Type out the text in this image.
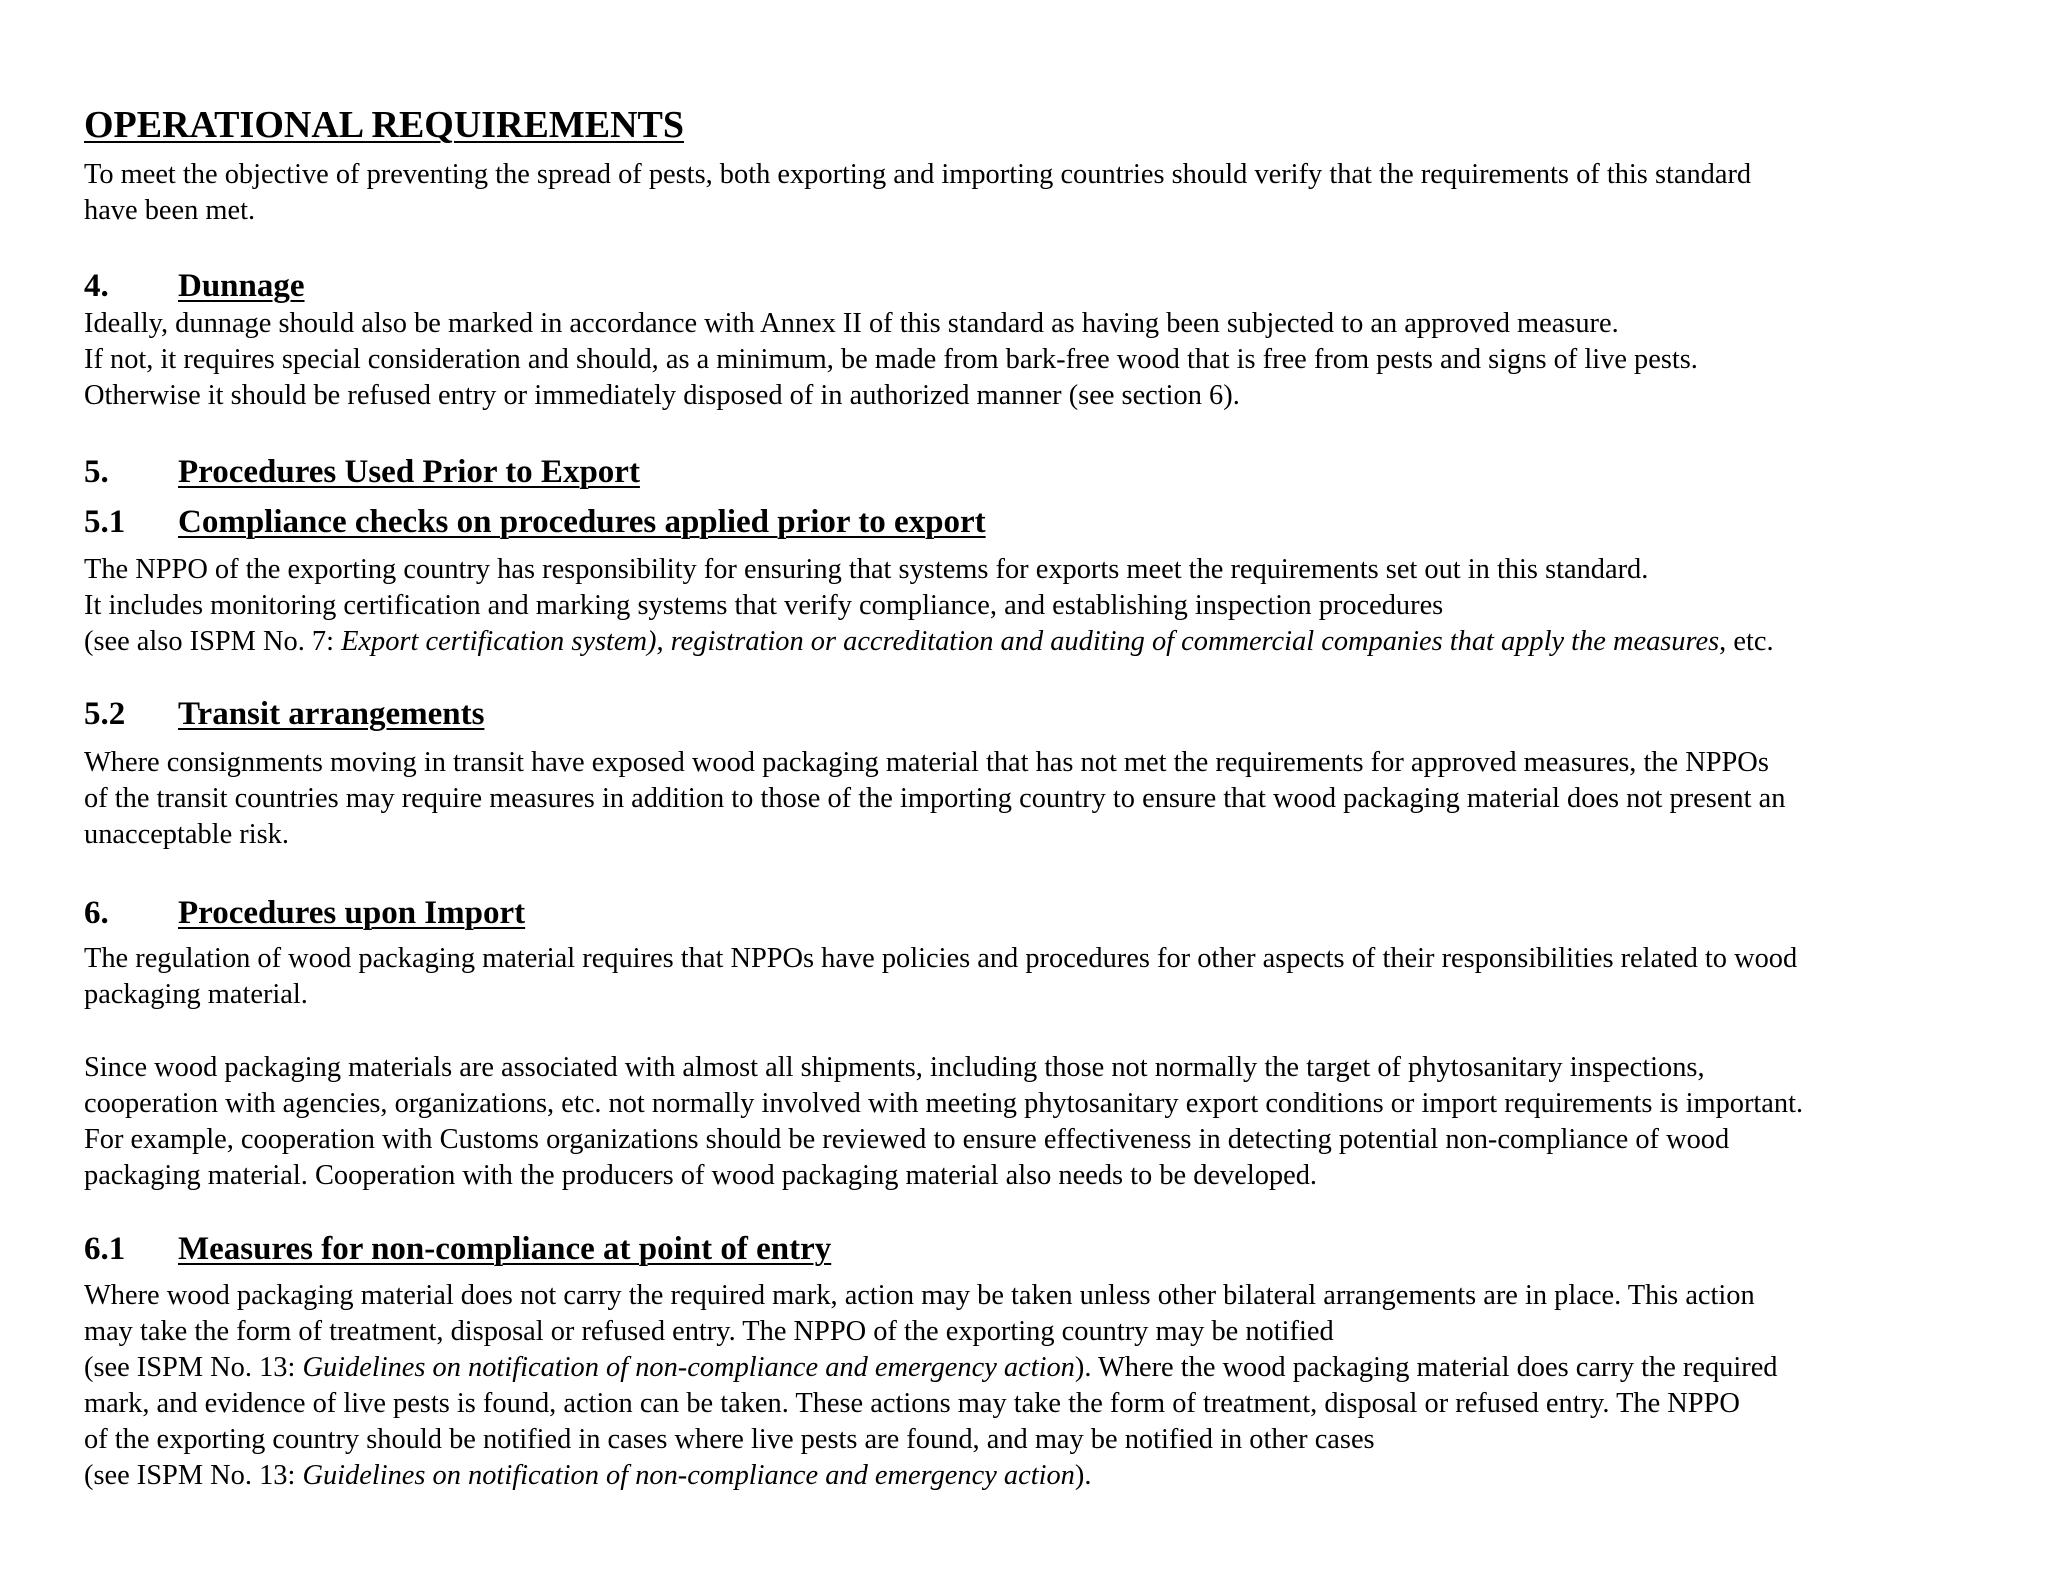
OPERATIONAL REQUIREMENTS
To meet the objective of preventing the spread of pests, both exporting and importing countries should verify that the requirements of this standard
have been met.
4. Dunnage
Ideally, dunnage should also be marked in accordance with Annex II of this standard as having been subjected to an approved measure.
If not, it requires special consideration and should, as a minimum, be made from bark-free wood that is free from pests and signs of live pests.
Otherwise it should be refused entry or immediately disposed of in authorized manner (see section 6).
5. Procedures Used Prior to Export
5.1 Compliance checks on procedures applied prior to export
The NPPO of the exporting country has responsibility for ensuring that systems for exports meet the requirements set out in this standard.
It includes monitoring certification and marking systems that verify compliance, and establishing inspection procedures
(see also ISPM No. 7: Export certification system), registration or accreditation and auditing of commercial companies that apply the measures, etc.
5.2 Transit arrangements
Where consignments moving in transit have exposed wood packaging material that has not met the requirements for approved measures, the NPPOs
of the transit countries may require measures in addition to those of the importing country to ensure that wood packaging material does not present an
unacceptable risk.
6. Procedures upon Import
The regulation of wood packaging material requires that NPPOs have policies and procedures for other aspects of their responsibilities related to wood
packaging material.
Since wood packaging materials are associated with almost all shipments, including those not normally the target of phytosanitary inspections,
cooperation with agencies, organizations, etc. not normally involved with meeting phytosanitary export conditions or import requirements is important.
For example, cooperation with Customs organizations should be reviewed to ensure effectiveness in detecting potential non-compliance of wood
packaging material. Cooperation with the producers of wood packaging material also needs to be developed.
6.1 Measures for non-compliance at point of entry
Where wood packaging material does not carry the required mark, action may be taken unless other bilateral arrangements are in place. This action
may take the form of treatment, disposal or refused entry. The NPPO of the exporting country may be notified
(see ISPM No. 13: Guidelines on notification of non-compliance and emergency action). Where the wood packaging material does carry the required
mark, and evidence of live pests is found, action can be taken. These actions may take the form of treatment, disposal or refused entry. The NPPO
of the exporting country should be notified in cases where live pests are found, and may be notified in other cases
(see ISPM No. 13: Guidelines on notification of non-compliance and emergency action).
